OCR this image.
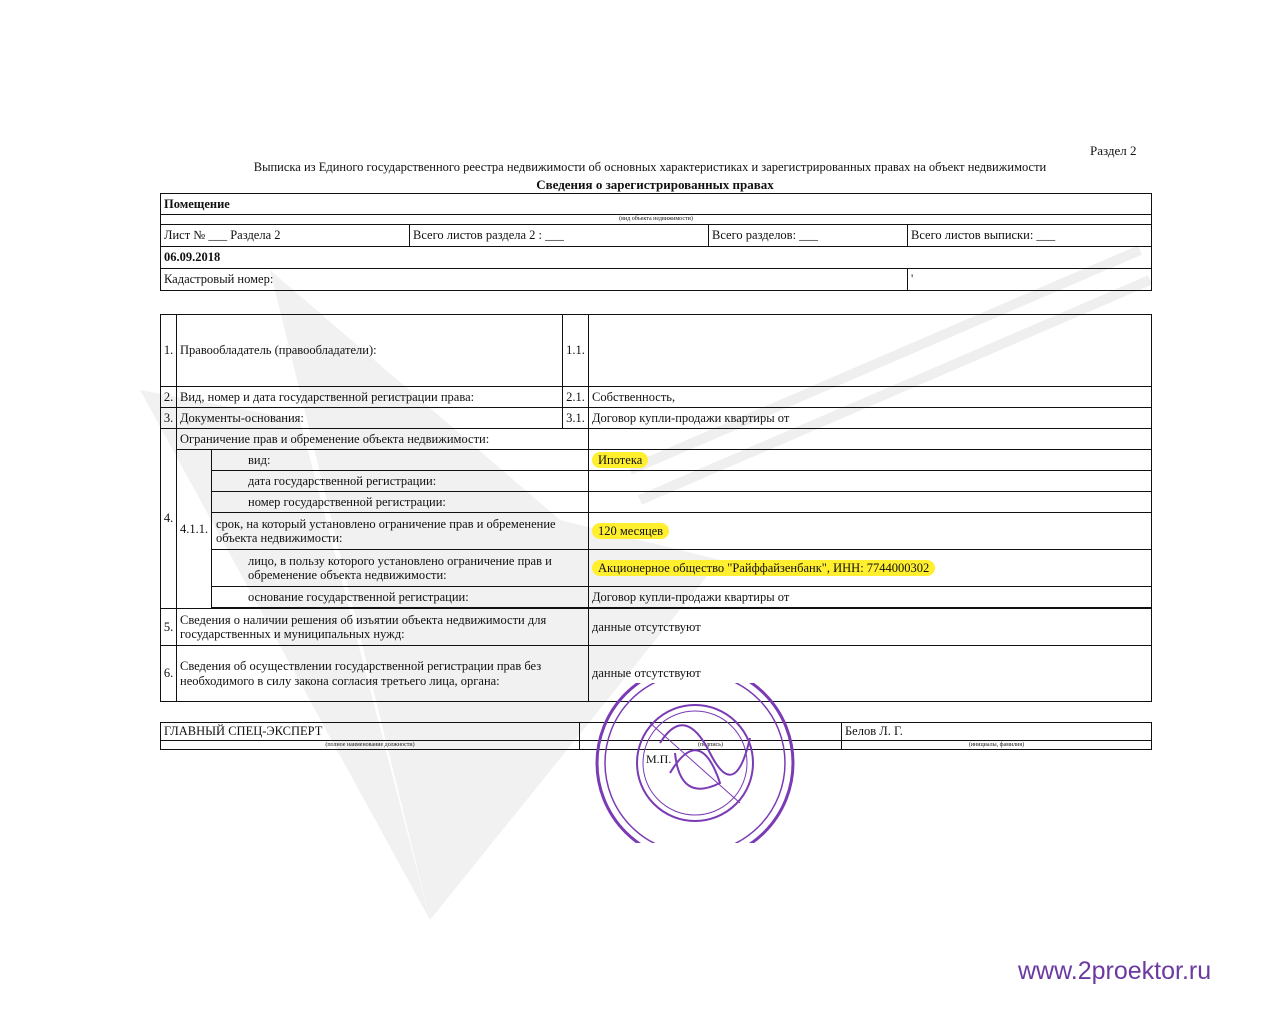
Раздел 2
Выписка из Единого государственного реестра недвижимости об основных характеристиках и зарегистрированных правах на объект недвижимости
Сведения о зарегистрированных правах
Помещение			
(вид объекта недвижимости)			
Лист № ___ Раздела 2	Всего листов раздела 2 : ___	Всего разделов: ___	Всего листов выписки: ___
06.09.2018			
Кадастровый номер:			'
1.	Правообладатель (правообладатели):		1.1.	
2.	Вид, номер и дата государственной регистрации права:		2.1.	Собственность,
3.	Документы-основания:		3.1.	Договор купли-продажи квартиры от
4.	Ограничение прав и обременение объекта недвижимости:			
	4.1.1.	вид:		Ипотека
		дата государственной регистрации:		
		номер государственной регистрации:		
		срок, на который установлено ограничение прав и обременение объекта недвижимости:		120 месяцев
		лицо, в пользу которого установлено ограничение прав и обременение объекта недвижимости:		Акционерное общество "Райффайзенбанк", ИНН: 7744000302
		основание государственной регистрации:		Договор купли-продажи квартиры от

5.	Сведения о наличии решения об изъятии объекта недвижимости для государственных и муниципальных нужд:			данные отсутствуют
6.	Сведения об осуществлении государственной регистрации прав без необходимого в силу закона согласия третьего лица, органа:			данные отсутствуют
ГЛАВНЫЙ СПЕЦ-ЭКСПЕРТ		Белов Л. Г.
(полное наименование должности)	(подпись)	(инициалы, фамилия)
М.П.
www.2proektor.ru
